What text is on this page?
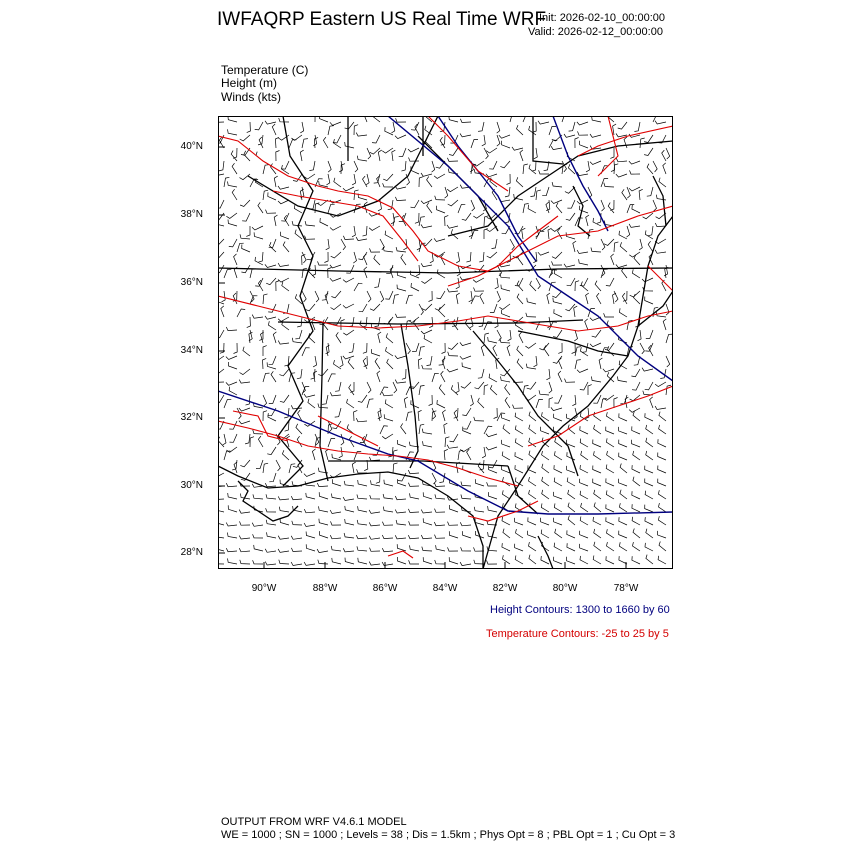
IWFAQRP Eastern US Real Time WRF
Init: 2026-02-10_00:00:00
Valid: 2026-02-12_00:00:00
Temperature (C)
Height (m)
Winds (kts)
40°N
38°N
36°N
34°N
32°N
30°N
28°N
90°W	88°W	86°W	84°W	82°W	80°W	78°W
Height Contours: 1300 to 1660 by 60
Temperature Contours: -25 to 25 by 5
OUTPUT FROM WRF V4.6.1 MODEL
WE = 1000 ; SN = 1000 ; Levels = 38 ; Dis = 1.5km ; Phys Opt = 8 ; PBL Opt = 1 ; Cu Opt = 3
